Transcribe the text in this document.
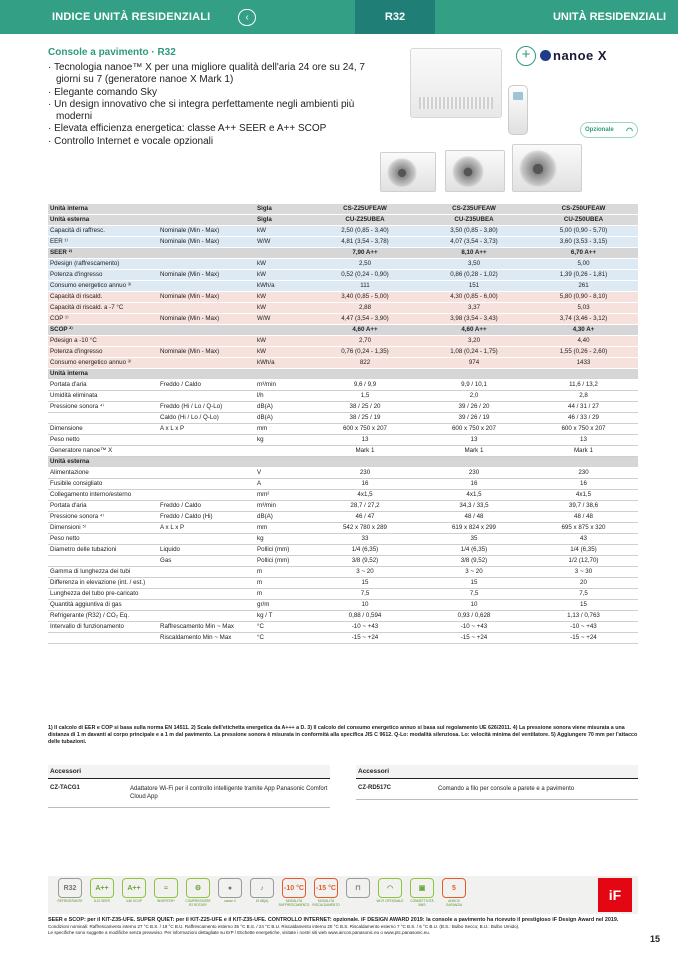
INDICE UNITÀ RESIDENZIALI	‹	R32	UNITÀ RESIDENZIALI
Console a pavimento · R32
· Tecnologia nanoe™ X per una migliore qualità dell'aria 24 ore su 24, 7 giorni su 7 (generatore nanoe X Mark 1)
· Elegante comando Sky
· Un design innovativo che si integra perfettamente negli ambienti più moderni
· Elevata efficienza energetica: classe A++ SEER e A++ SCOP
· Controllo Internet e vocale opzionali
+	nanoe X
Opzionale ◠
Unità interna		Sigla	CS-Z25UFEAW	CS-Z35UFEAW	CS-Z50UFEAW
Unità esterna		Sigla	CU-Z25UBEA	CU-Z35UBEA	CU-Z50UBEA
Capacità di raffresc.	Nominale (Min - Max)	kW	2,50 (0,85 - 3,40)	3,50 (0,85 - 3,80)	5,00 (0,90 - 5,70)
EER ¹⁾	Nominale (Min - Max)	W/W	4,81 (3,54 - 3,78)	4,07 (3,54 - 3,73)	3,60 (3,53 - 3,15)
SEER ²⁾			7,90 A++	8,10 A++	6,70 A++
Pdesign (raffrescamento)		kW	2,50	3,50	5,00
Potenza d'ingresso	Nominale (Min - Max)	kW	0,52 (0,24 - 0,90)	0,86 (0,28 - 1,02)	1,39 (0,26 - 1,81)
Consumo energetico annuo ³⁾		kWh/a	111	151	261
Capacità di riscald.	Nominale (Min - Max)	kW	3,40 (0,85 - 5,00)	4,30 (0,85 - 6,00)	5,80 (0,90 - 8,10)
Capacità di riscald. a -7 °C		kW	2,88	3,37	5,03
COP ¹⁾	Nominale (Min - Max)	W/W	4,47 (3,54 - 3,90)	3,98 (3,54 - 3,43)	3,74 (3,46 - 3,12)
SCOP ²⁾			4,60 A++	4,60 A++	4,30 A+
Pdesign a -10 °C		kW	2,70	3,20	4,40
Potenza d'ingresso	Nominale (Min - Max)	kW	0,76 (0,24 - 1,35)	1,08 (0,24 - 1,75)	1,55 (0,26 - 2,60)
Consumo energetico annuo ³⁾		kWh/a	822	974	1433
Unità interna					
Portata d'aria	Freddo / Caldo	m³/min	9,6 / 9,9	9,9 / 10,1	11,6 / 13,2
Umidità eliminata		l/h	1,5	2,0	2,8
Pressione sonora ⁴⁾	Freddo (Hi / Lo / Q-Lo)	dB(A)	38 / 25 / 20	39 / 26 / 20	44 / 31 / 27
	Caldo (Hi / Lo / Q-Lo)	dB(A)	38 / 25 / 19	39 / 26 / 19	46 / 33 / 29
Dimensione	A x L x P	mm	600 x 750 x 207	600 x 750 x 207	600 x 750 x 207
Peso netto		kg	13	13	13
Generatore nanoe™ X			Mark 1	Mark 1	Mark 1
Unità esterna					
Alimentazione		V	230	230	230
Fusibile consigliato		A	16	16	16
Collegamento interno/esterno		mm²	4x1,5	4x1,5	4x1,5
Portata d'aria	Freddo / Caldo	m³/min	28,7 / 27,2	34,3 / 33,5	39,7 / 38,6
Pressione sonora ⁴⁾	Freddo / Caldo (Hi)	dB(A)	46 / 47	48 / 48	48 / 48
Dimensioni ⁵⁾	A x L x P	mm	542 x 780 x 289	619 x 824 x 299	695 x 875 x 320
Peso netto		kg	33	35	43
Diametro delle tubazioni	Liquido	Pollici (mm)	1/4 (6,35)	1/4 (6,35)	1/4 (6,35)
	Gas	Pollici (mm)	3/8 (9,52)	3/8 (9,52)	1/2 (12,70)
Gamma di lunghezza dei tubi		m	3 ~ 20	3 ~ 20	3 ~ 30
Differenza in elevazione (int. / est.)		m	15	15	20
Lunghezza del tubo pre-caricato		m	7,5	7,5	7,5
Quantità aggiuntiva di gas		gr/m	10	10	15
Refrigerante (R32) / CO₂ Eq.		kg / T	0,88 / 0,594	0,93 / 0,628	1,13 / 0,763
Intervallo di funzionamento	Raffrescamento Min ~ Max	°C	-10 ~ +43	-10 ~ +43	-10 ~ +43
	Riscaldamento Min ~ Max	°C	-15 ~ +24	-15 ~ +24	-15 ~ +24
1) Il calcolo di EER e COP si basa sulla norma EN 14511. 2) Scala dell'etichetta energetica da A+++ a D. 3) Il calcolo del consumo energetico annuo si basa sul regolamento UE 626/2011. 4) La pressione sonora viene misurata a una distanza di 1 m davanti al corpo principale e a 1 m dal pavimento. La pressione sonora è misurata in conformità alla specifica JIS C 9612. Q-Lo: modalità silenziosa. Lo: velocità minima del ventilatore. 5) Aggiungere 70 mm per l'attacco delle tubazioni.
Accessori
CZ-TACG1	Adattatore Wi-Fi per il controllo intelligente tramite App Panasonic Comfort Cloud App
Accessori
CZ-RD517C	Comando a filo per console a parete e a pavimento
R32
REFRIGERANTE
A++
8,10 SEER
A++
4,60 SCOP
≈
INVERTER+
⚙
COMPRESSORE R2 ROTARY
●
nanoe X
♪
19 dB(A)
-10 °C
MODALITÀ RAFFRESCAMENTO
-15 °C
MODALITÀ RISCALDAMENTO
⊓	◠
WI-FI OPZIONALE
▣
CONNETTIVITÀ BMS
5
ANNI DI GARANZIA
iF
SEER e SCOP: per il KIT-Z35-UFE. SUPER QUIET: per il KIT-Z25-UFE e il KIT-Z35-UFE. CONTROLLO INTERNET: opzionale. iF DESIGN AWARD 2019: la console a pavimento ha ricevuto il prestigioso iF Design Award nel 2019.
Condizioni nominali: Raffrescamento interno 27 °C B.S. / 19 °C B.U. Raffrescamento esterno 35 °C B.S. / 24 °C B.U. Riscaldamento interno 20 °C B.S. Riscaldamento esterno 7 °C B.S. / 6 °C B.U. (B.S.: Bulbo Secco; B.U.: Bulbo Umido).
Le specifiche sono soggette a modifiche senza preavviso. Per informazioni dettagliate su ErP / Etichette energetiche, visitate i nostri siti web www.aircon.panasonic.eu o www.ptc.panasonic.eu.
15
